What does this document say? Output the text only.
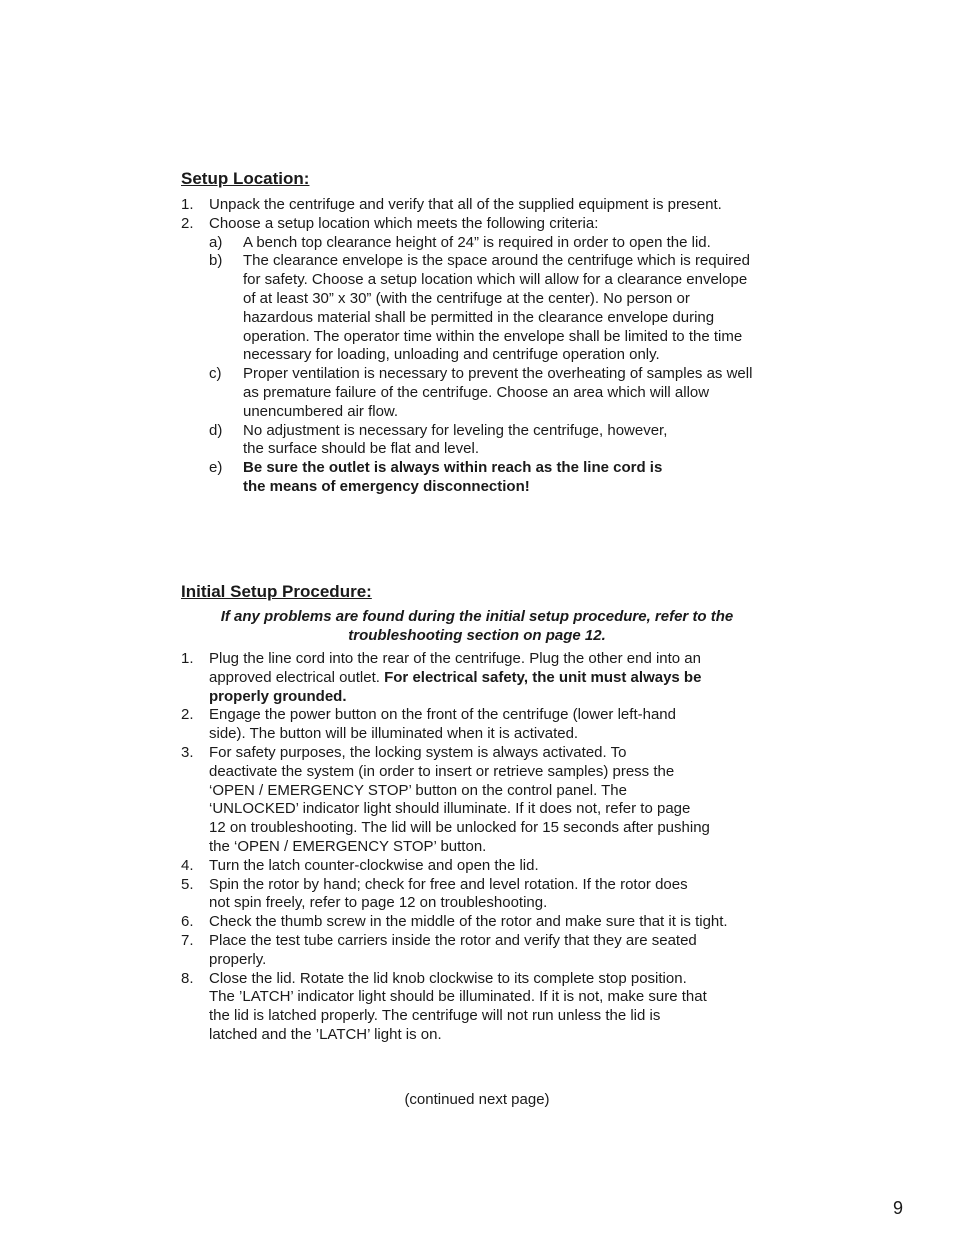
Setup Location:
1.	Unpack the centrifuge and verify that all of the supplied equipment is present.
2.	Choose a setup location which meets the following criteria:
a)	A bench top clearance height of 24” is required in order to open the lid.
b)	The clearance envelope is the space around the centrifuge which is required for safety. Choose a setup location which will allow for a clearance envelope of at least 30” x 30” (with the centrifuge at the center). No person or hazardous material shall be permitted in the clearance envelope during operation. The operator time within the envelope shall be limited to the time necessary for loading, unloading and centrifuge operation only.
c)	Proper ventilation is necessary to prevent the overheating of samples as well as premature failure of the centrifuge. Choose an area which will allow unencumbered air flow.
d)	No adjustment is necessary for leveling the centrifuge, however,
the surface should be flat and level.
e)	Be sure the outlet is always within reach as the line cord is
the means of emergency disconnection!
Initial Setup Procedure:

If any problems are found during the initial setup procedure, refer to the
troubleshooting section on page 12.

1.	Plug the line cord into the rear of the centrifuge. Plug the other end into an approved electrical outlet. For electrical safety, the unit must always be properly grounded.
2.	Engage the power button on the front of the centrifuge (lower left-hand side). The button will be illuminated when it is activated.
3.	For safety purposes, the locking system is always activated. To
deactivate the system (in order to insert or retrieve samples) press the
‘OPEN / EMERGENCY STOP’ button on the control panel. The
‘UNLOCKED’ indicator light should illuminate. If it does not, refer to page
12 on troubleshooting. The lid will be unlocked for 15 seconds after pushing
the ‘OPEN / EMERGENCY STOP’ button.
4.	Turn the latch counter-clockwise and open the lid.
5.	Spin the rotor by hand; check for free and level rotation. If the rotor does
not spin freely, refer to page 12 on troubleshooting.
6.	Check the thumb screw in the middle of the rotor and make sure that it is tight.
7.	Place the test tube carriers inside the rotor and verify that they are seated properly.
8.	Close the lid. Rotate the lid knob clockwise to its complete stop position.
The ’LATCH’ indicator light should be illuminated. If it is not, make sure that
the lid is latched properly. The centrifuge will not run unless the lid is
latched and the ’LATCH’ light is on.

(continued next page)

9
